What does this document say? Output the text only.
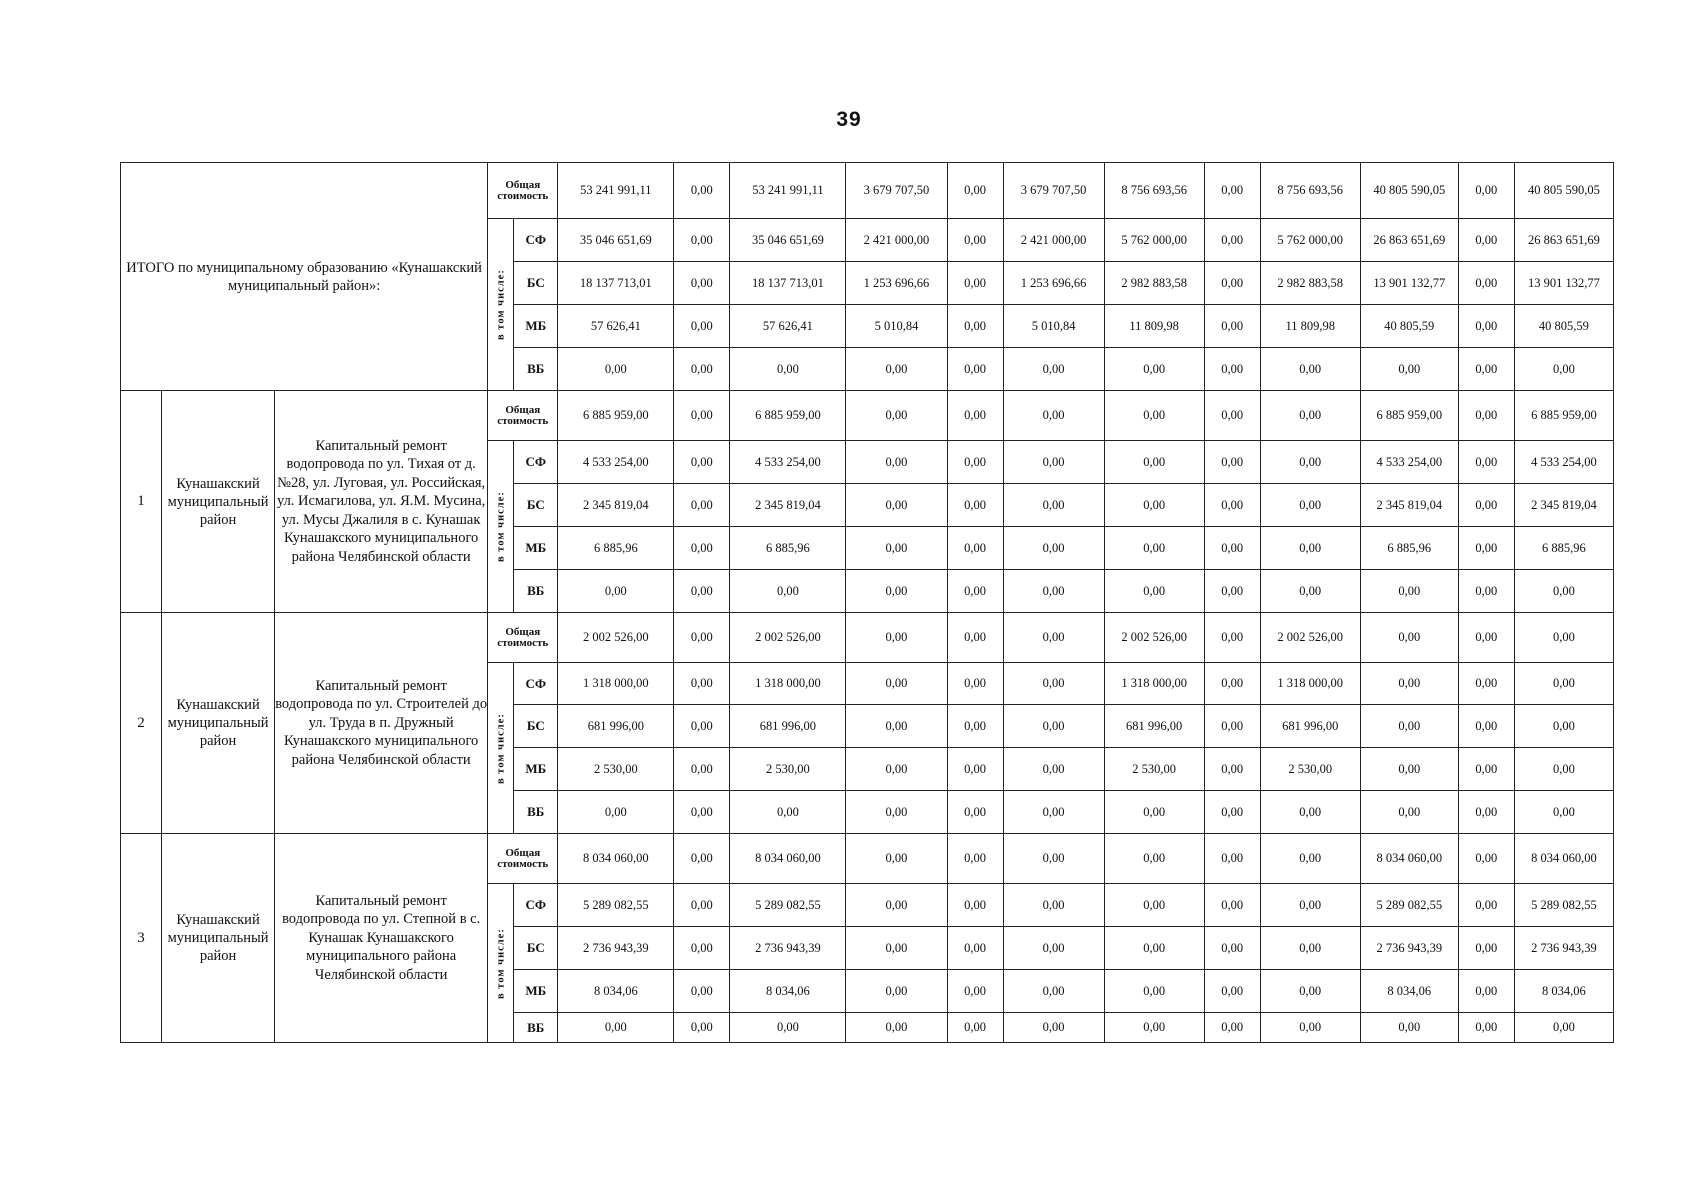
39
ИТОГО по муниципальному образованию «Кунашакский муниципальный район»:			Общая стоимость		53 241 991,11	0,00	53 241 991,11	3 679 707,50	0,00	3 679 707,50	8 756 693,56	0,00	8 756 693,56	40 805 590,05	0,00	40 805 590,05
			в том числе:	СФ	35 046 651,69	0,00	35 046 651,69	2 421 000,00	0,00	2 421 000,00	5 762 000,00	0,00	5 762 000,00	26 863 651,69	0,00	26 863 651,69
				БС	18 137 713,01	0,00	18 137 713,01	1 253 696,66	0,00	1 253 696,66	2 982 883,58	0,00	2 982 883,58	13 901 132,77	0,00	13 901 132,77
				МБ	57 626,41	0,00	57 626,41	5 010,84	0,00	5 010,84	11 809,98	0,00	11 809,98	40 805,59	0,00	40 805,59
				ВБ	0,00	0,00	0,00	0,00	0,00	0,00	0,00	0,00	0,00	0,00	0,00	0,00
1	Кунашакский муниципальный район	Капитальный ремонт водопровода по ул. Тихая от д. №28, ул. Луговая, ул. Российская, ул. Исмагилова, ул. Я.М. Мусина, ул. Мусы Джалиля в с. Кунашак Кунашакского муниципального района Челябинской области	Общая стоимость		6 885 959,00	0,00	6 885 959,00	0,00	0,00	0,00	0,00	0,00	0,00	6 885 959,00	0,00	6 885 959,00
			в том числе:	СФ	4 533 254,00	0,00	4 533 254,00	0,00	0,00	0,00	0,00	0,00	0,00	4 533 254,00	0,00	4 533 254,00
				БС	2 345 819,04	0,00	2 345 819,04	0,00	0,00	0,00	0,00	0,00	0,00	2 345 819,04	0,00	2 345 819,04
				МБ	6 885,96	0,00	6 885,96	0,00	0,00	0,00	0,00	0,00	0,00	6 885,96	0,00	6 885,96
				ВБ	0,00	0,00	0,00	0,00	0,00	0,00	0,00	0,00	0,00	0,00	0,00	0,00
2	Кунашакский муниципальный район	Капитальный ремонт водопровода по ул. Строителей до ул. Труда в п. Дружный Кунашакского муниципального района Челябинской области	Общая стоимость		2 002 526,00	0,00	2 002 526,00	0,00	0,00	0,00	2 002 526,00	0,00	2 002 526,00	0,00	0,00	0,00
			в том числе:	СФ	1 318 000,00	0,00	1 318 000,00	0,00	0,00	0,00	1 318 000,00	0,00	1 318 000,00	0,00	0,00	0,00
				БС	681 996,00	0,00	681 996,00	0,00	0,00	0,00	681 996,00	0,00	681 996,00	0,00	0,00	0,00
				МБ	2 530,00	0,00	2 530,00	0,00	0,00	0,00	2 530,00	0,00	2 530,00	0,00	0,00	0,00
				ВБ	0,00	0,00	0,00	0,00	0,00	0,00	0,00	0,00	0,00	0,00	0,00	0,00
3	Кунашакский муниципальный район	Капитальный ремонт водопровода по ул. Степной в с. Кунашак Кунашакского муниципального района Челябинской области	Общая стоимость		8 034 060,00	0,00	8 034 060,00	0,00	0,00	0,00	0,00	0,00	0,00	8 034 060,00	0,00	8 034 060,00
			в том числе:	СФ	5 289 082,55	0,00	5 289 082,55	0,00	0,00	0,00	0,00	0,00	0,00	5 289 082,55	0,00	5 289 082,55
				БС	2 736 943,39	0,00	2 736 943,39	0,00	0,00	0,00	0,00	0,00	0,00	2 736 943,39	0,00	2 736 943,39
				МБ	8 034,06	0,00	8 034,06	0,00	0,00	0,00	0,00	0,00	0,00	8 034,06	0,00	8 034,06
				ВБ	0,00	0,00	0,00	0,00	0,00	0,00	0,00	0,00	0,00	0,00	0,00	0,00
